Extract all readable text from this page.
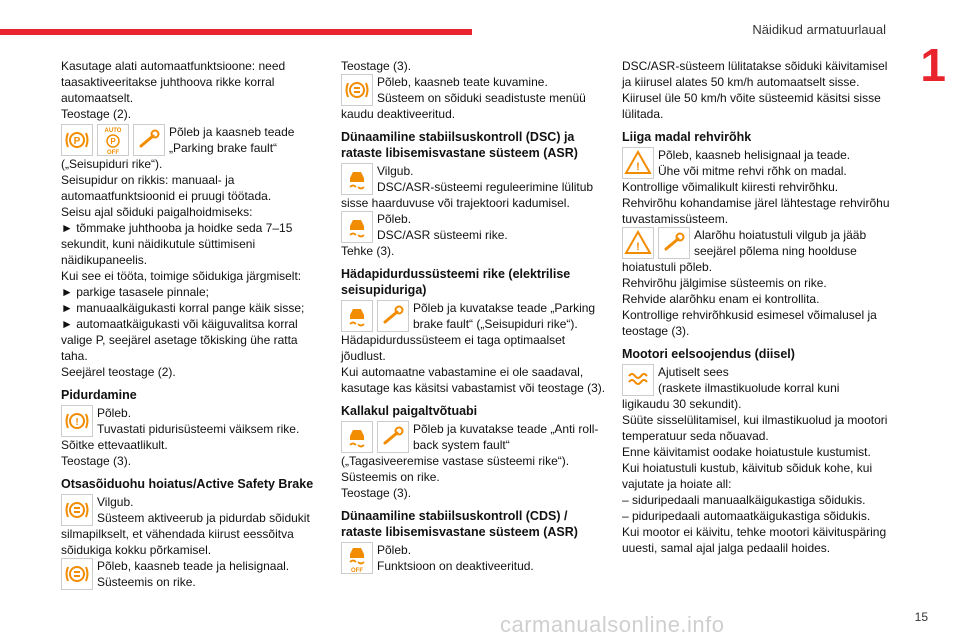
Näidikud armatuurlaual
1

Kasutage alati automaatfunktsioone: need taasaktiveeritakse juhthoova rikke korral automaatselt.

Teostage (2).

P
AUTO
P
OFF

Põleb ja kaasneb teade „Parking brake fault“

(„Seisupiduri rike“).

Seisupidur on rikkis: manuaal- ja automaatfunktsioonid ei pruugi töötada.

Seisu ajal sõiduki paigalhoidmiseks:

► tõmmake juhthooba ja hoidke seda 7–15 sekundit, kuni näidikutule süttimiseni näidikupaneelis.

Kui see ei tööta, toimige sõidukiga järgmiselt:

► parkige tasasele pinnale;

► manuaalkäigukasti korral pange käik sisse;

► automaatkäigukasti või käiguvalitsa korral valige P, seejärel asetage tõkisking ühe ratta taha.

Seejärel teostage (2).

Pidurdamine
!

Põleb.

Tuvastati pidurisüsteemi väiksem rike.

Sõitke ettevaatlikult.

Teostage (3).

Otsasõiduohu hoiatus/Active Safety Brake

Vilgub.

Süsteem aktiveerub ja pidurdab sõidukit silmapilkselt, et vähendada kiirust eessõitva sõidukiga kokku põrkamisel.

Põleb, kaasneb teade ja helisignaal.

Süsteemis on rike.

Teostage (3).

Põleb, kaasneb teate kuvamine.

Süsteem on sõiduki seadistuste menüü kaudu deaktiveeritud.

Dünaamiline stabiilsuskontroll (DSC) ja rataste libisemisvastane süsteem (ASR)

Vilgub.

DSC/ASR-süsteemi reguleerimine lülitub sisse haarduvuse või trajektoori kadumisel.

Põleb.

DSC/ASR süsteemi rike.

Tehke (3).

Hädapidurdussüsteemi rike (elektrilise seisupiduriga)

Põleb ja kuvatakse teade „Parking brake fault“ („Seisupiduri rike“).

Hädapidurdussüsteem ei taga optimaalset jõudlust.

Kui automaatne vabastamine ei ole saadaval, kasutage kas käsitsi vabastamist või teostage (3).

Kallakul paigaltvõtuabi

Põleb ja kuvatakse teade „Anti roll-back system fault“

(„Tagasiveeremise vastase süsteemi rike“).

Süsteemis on rike.

Teostage (3).

Dünaamiline stabiilsuskontroll (CDS) / rataste libisemisvastane süsteem (ASR)
OFF

Põleb.

Funktsioon on deaktiveeritud.

DSC/ASR-süsteem lülitatakse sõiduki käivitamisel ja kiirusel alates 50 km/h automaatselt sisse.

Kiirusel üle 50 km/h võite süsteemid käsitsi sisse lülitada.

Liiga madal rehvirõhk
!

Põleb, kaasneb helisignaal ja teade.

Ühe või mitme rehvi rõhk on madal.

Kontrollige võimalikult kiiresti rehvirõhku.

Rehvirõhu kohandamise järel lähtestage rehvirõhu tuvastamissüsteem.

!

Alarõhu hoiatustuli vilgub ja jääb seejärel põlema ning hoolduse hoiatustuli põleb.

Rehvirõhu jälgimise süsteemis on rike.

Rehvide alarõhku enam ei kontrollita.

Kontrollige rehvirõhkusid esimesel võimalusel ja teostage (3).

Mootori eelsoojendus (diisel)

Ajutiselt sees

(raskete ilmastikuolude korral kuni ligikaudu 30 sekundit).

Süüte sisselülitamisel, kui ilmastikuolud ja mootori temperatuur seda nõuavad.

Enne käivitamist oodake hoiatustule kustumist.

Kui hoiatustuli kustub, käivitub sõiduk kohe, kui vajutate ja hoiate all:

– siduripedaali manuaalkäigukastiga sõidukis.

– piduripedaali automaatkäigukastiga sõidukis.

Kui mootor ei käivitu, tehke mootori käivituspäring uuesti, samal ajal jalga pedaalil hoides.

carmanualsonline.info	15
